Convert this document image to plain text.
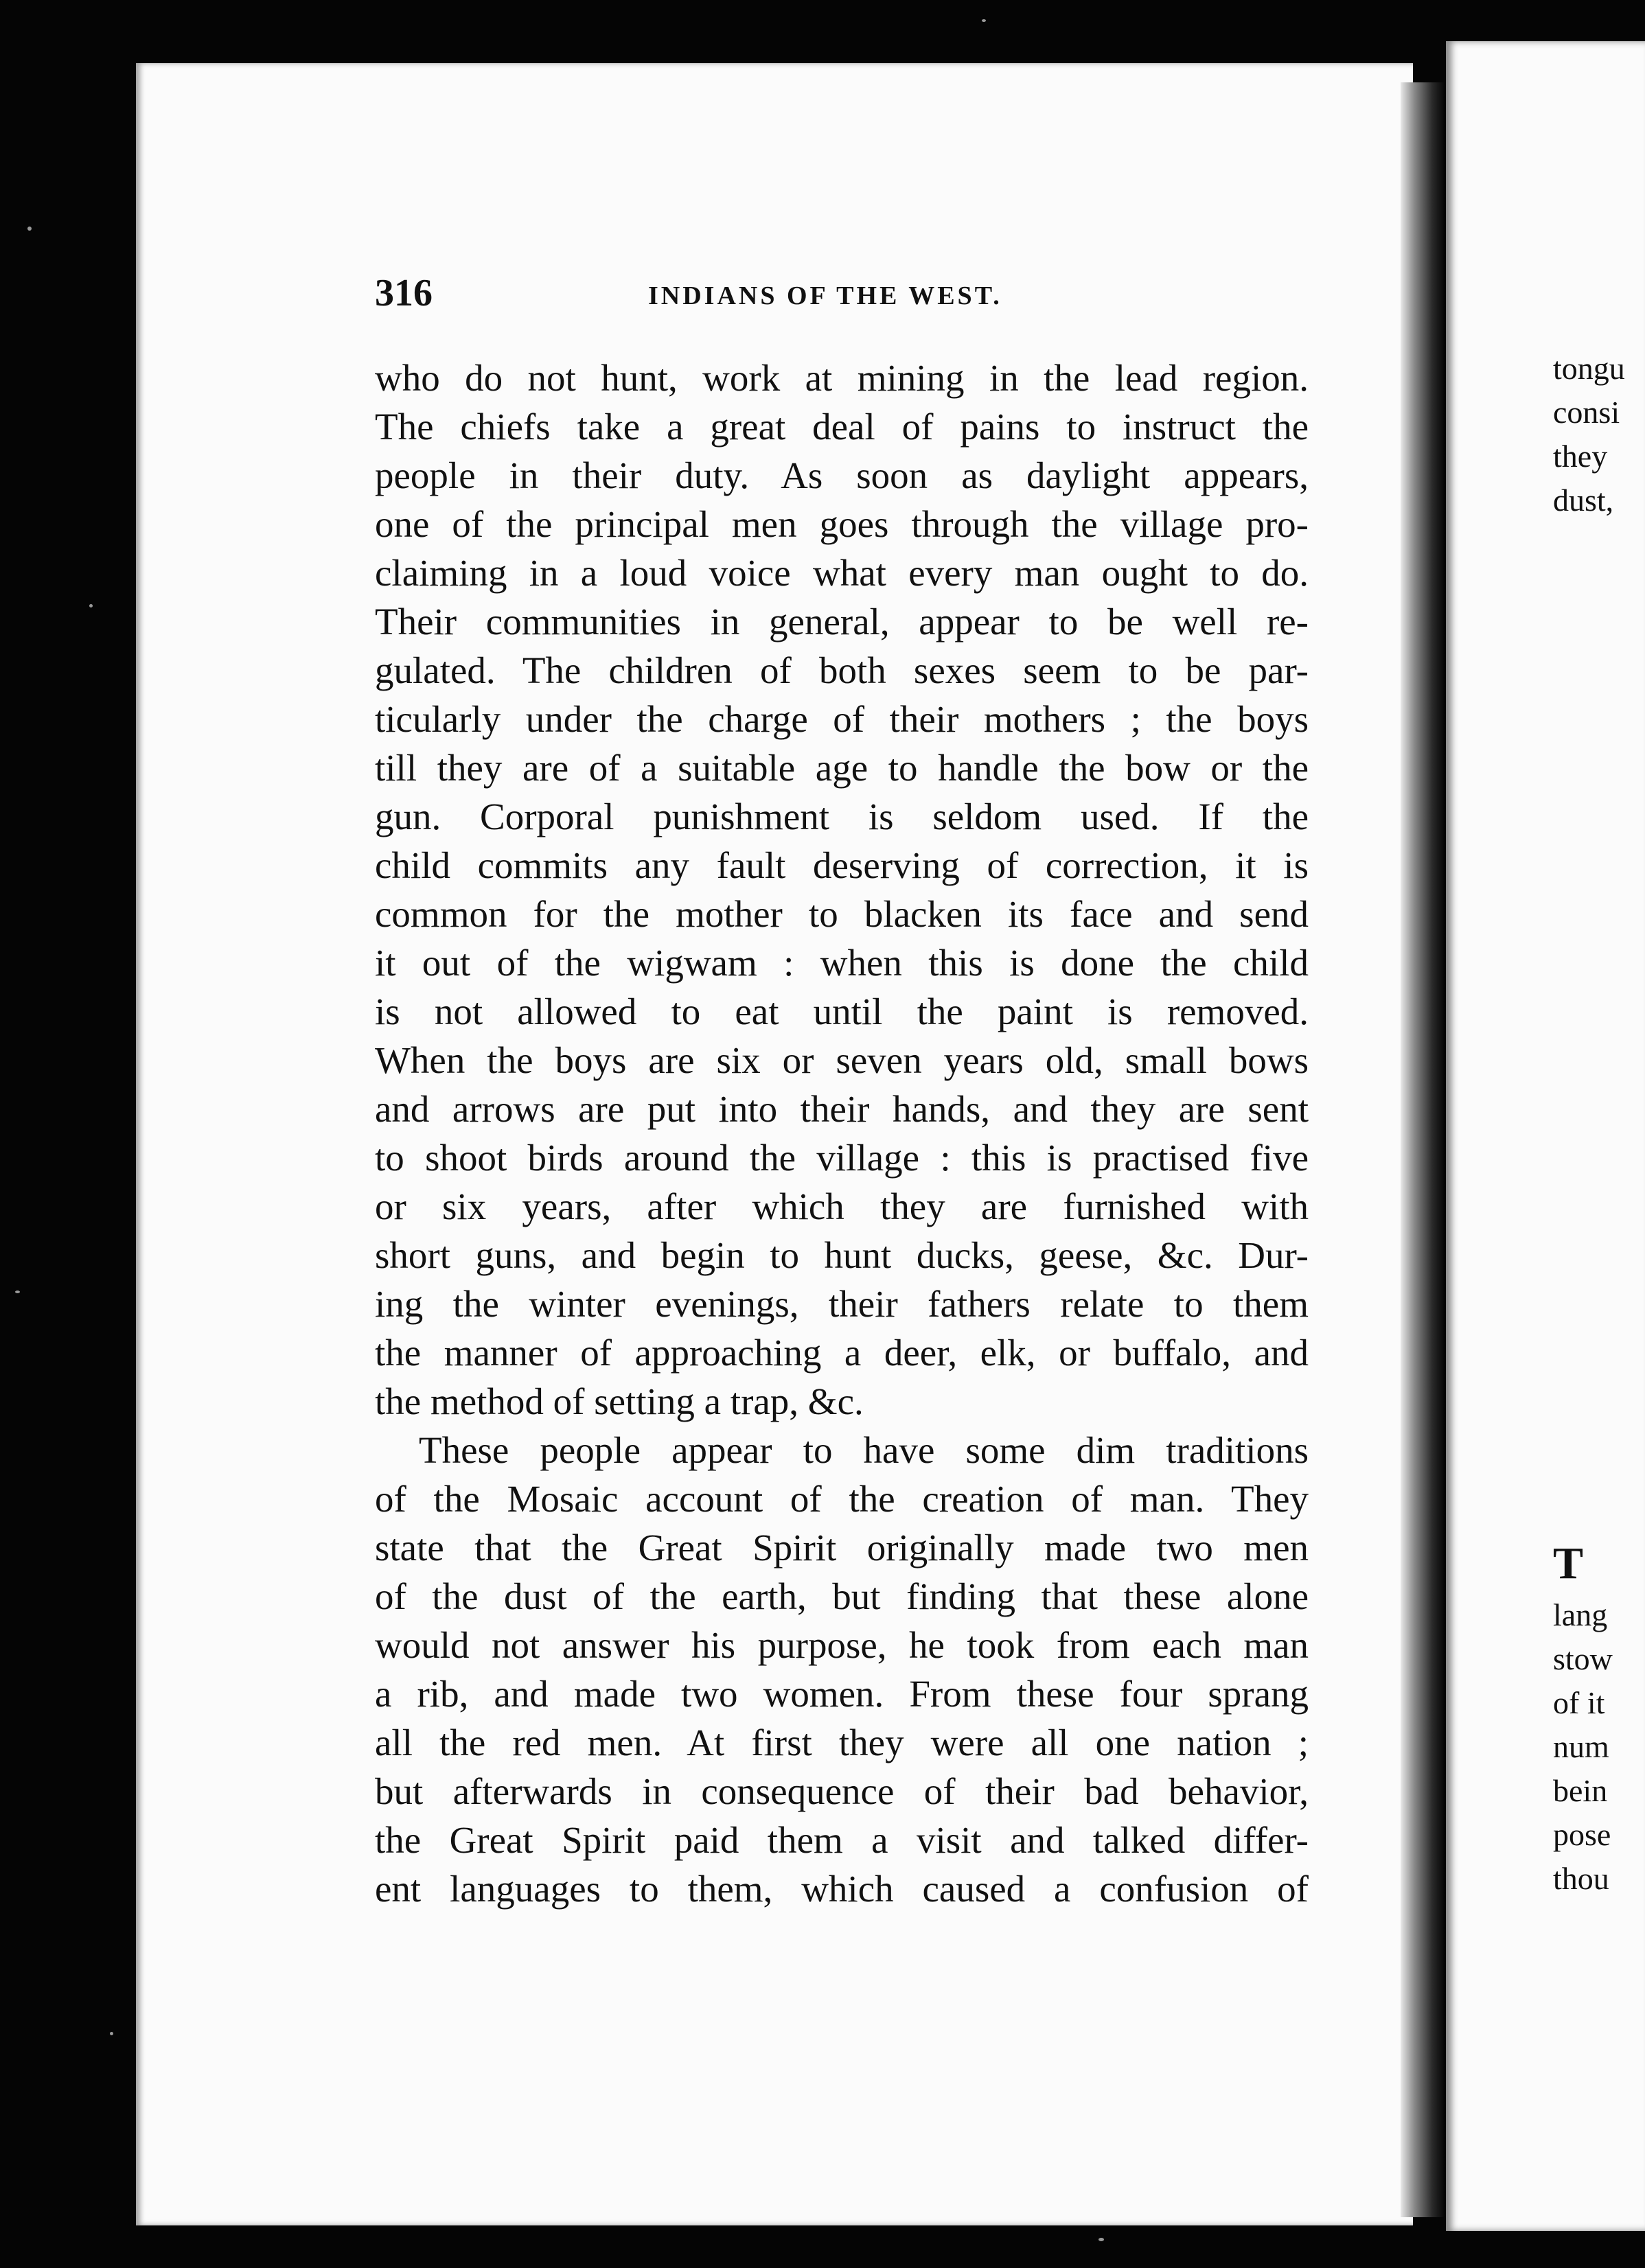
316	INDIANS OF THE WEST.
who do not hunt, work at mining in the lead region.
The chiefs take a great deal of pains to instruct the
people in their duty. As soon as daylight appears,
one of the principal men goes through the village pro-
claiming in a loud voice what every man ought to do.
Their communities in general, appear to be well re-
gulated. The children of both sexes seem to be par-
ticularly under the charge of their mothers ; the boys
till they are of a suitable age to handle the bow or the
gun. Corporal punishment is seldom used. If the
child commits any fault deserving of correction, it is
common for the mother to blacken its face and send
it out of the wigwam : when this is done the child
is not allowed to eat until the paint is removed.
When the boys are six or seven years old, small bows
and arrows are put into their hands, and they are sent
to shoot birds around the village : this is practised five
or six years, after which they are furnished with
short guns, and begin to hunt ducks, geese, &c. Dur-
ing the winter evenings, their fathers relate to them
the manner of approaching a deer, elk, or buffalo, and
the method of setting a trap, &c.
These people appear to have some dim traditions
of the Mosaic account of the creation of man. They
state that the Great Spirit originally made two men
of the dust of the earth, but finding that these alone
would not answer his purpose, he took from each man
a rib, and made two women. From these four sprang
all the red men. At first they were all one nation ;
but afterwards in consequence of their bad behavior,
the Great Spirit paid them a visit and talked differ-
ent languages to them, which caused a confusion of
tongu
consi
they
dust,
T
lang
stow
of it
num
bein
pose
thou
